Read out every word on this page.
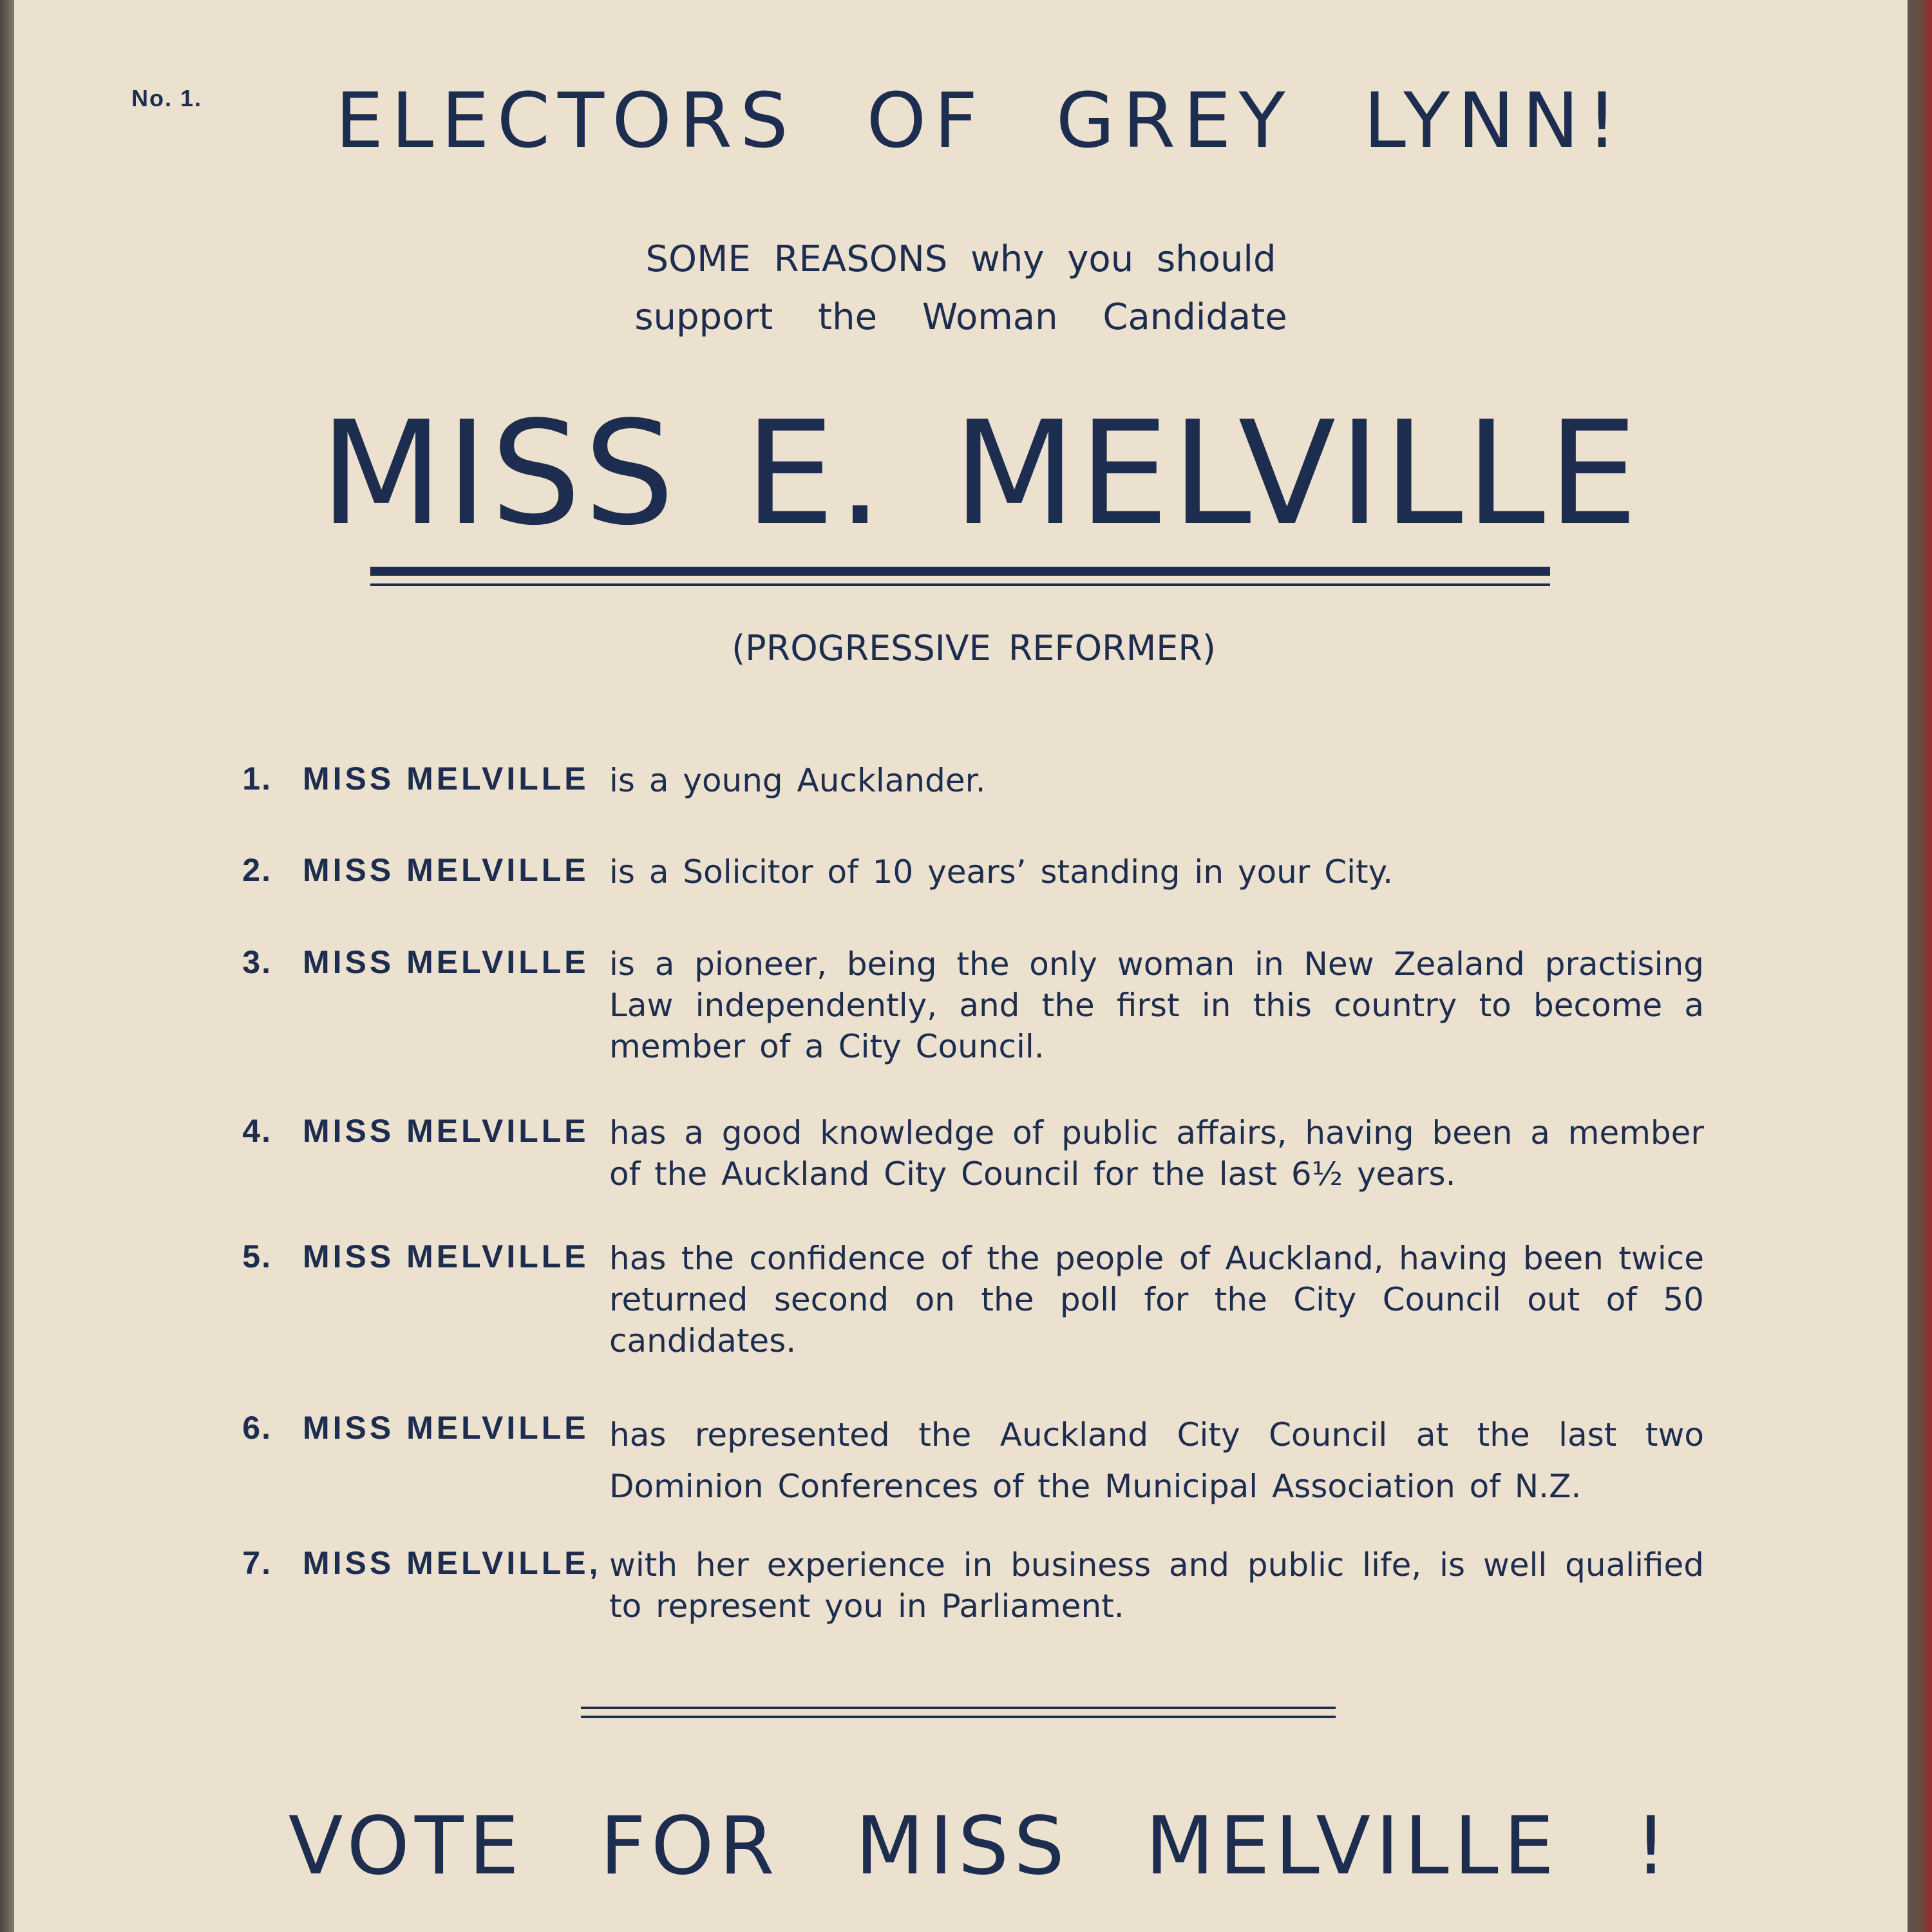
No. 1.	ELECTORS OF GREY LYNN!
SOME REASONS why you should
support the Woman Candidate
MISS E. MELVILLE
(PROGRESSIVE REFORMER)
1. MISS MELVILLE is a young Aucklander.
2. MISS MELVILLE is a Solicitor of 10 years’ standing in your City.
3. MISS MELVILLE is a pioneer, being the only woman in New Zealand practising Law independently, and the first in this country to become a member of a City Council.
4. MISS MELVILLE has a good knowledge of public affairs, having been a member of the Auckland City Council for the last 6½ years.
5. MISS MELVILLE has the confidence of the people of Auckland, having been twice returned second on the poll for the City Council out of 50 candidates.
6. MISS MELVILLE has represented the Auckland City Council at the last two Dominion Conferences of the Municipal Association of N.Z.
7. MISS MELVILLE, with her experience in business and public life, is well qualified to represent you in Parliament.
VOTE FOR MISS MELVILLE !
